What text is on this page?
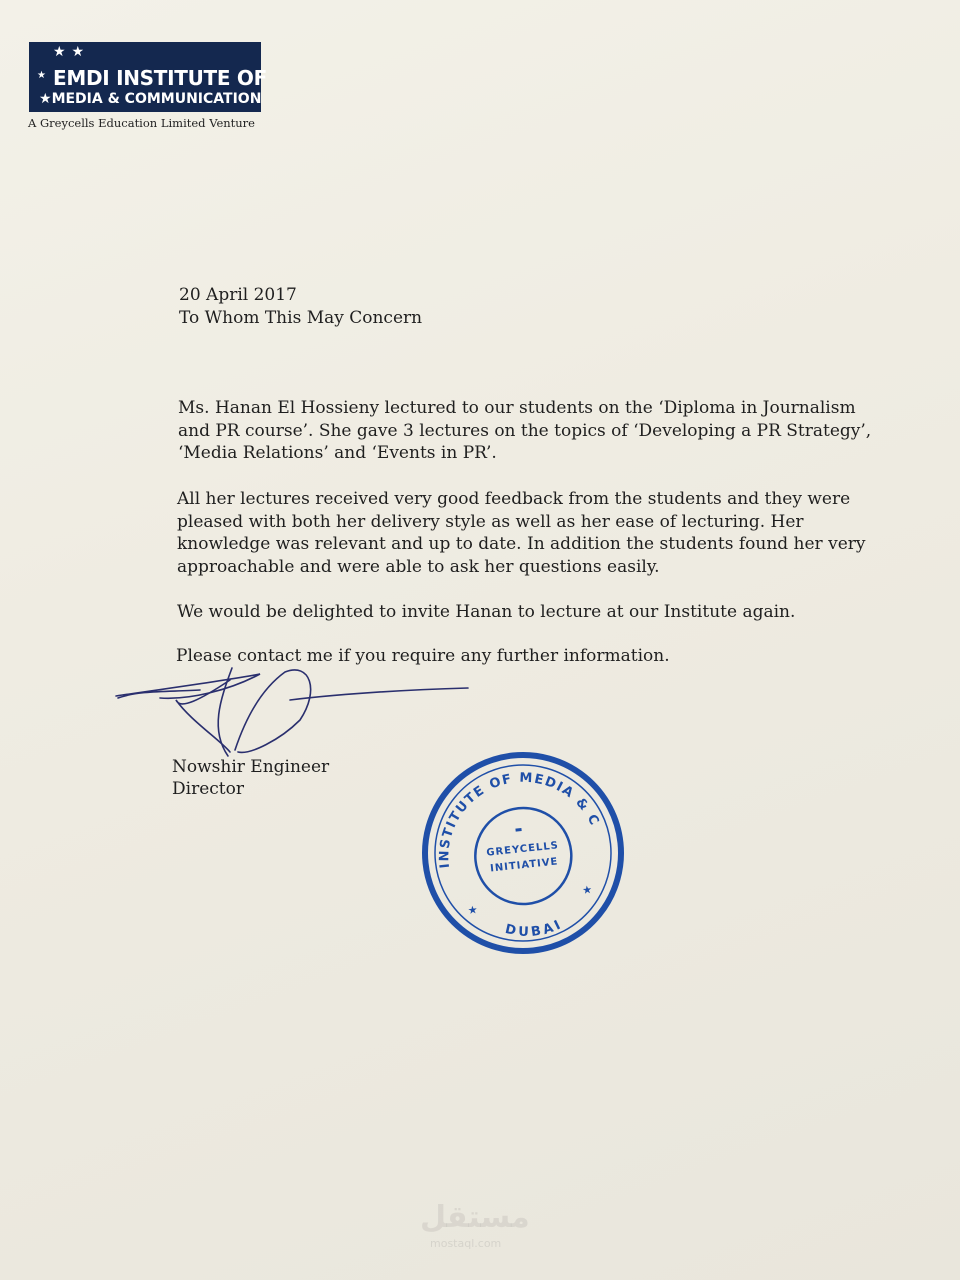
★★
★ EMDI INSTITUTE OF
★MEDIA & COMMUNICATION
A Greycells Education Limited Venture
20 April 2017
To Whom This May Concern
Ms. Hanan El Hossieny lectured to our students on the ‘Diploma in Journalism
and PR course’. She gave 3 lectures on the topics of ‘Developing a PR Strategy’,
‘Media Relations’ and ‘Events in PR’.
All her lectures received very good feedback from the students and they were
pleased with both her delivery style as well as her ease of lecturing. Her
knowledge was relevant and up to date. In addition the students found her very
approachable and were able to ask her questions easily.
We would be delighted to invite Hanan to lecture at our Institute again.
Please contact me if you require any further information.
Nowshir Engineer
Director
INSTITUTE OF MEDIA & COMMUNICATION
DUBAI
★
★
GREYCELLS
INITIATIVE
مستقل
mostaql.com
